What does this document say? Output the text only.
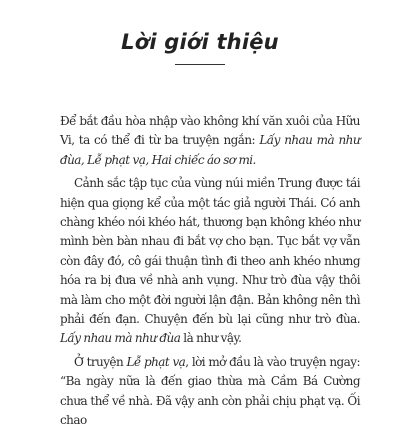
Lời giới thiệu

Để bắt đầu hòa nhập vào không khí văn xuôi của Hữu Vi, ta có thể đi từ ba truyện ngắn: Lấy nhau mà như đùa, Lễ phạt vạ, Hai chiếc áo sơ mi.

Cảnh sắc tập tục của vùng núi miền Trung được tái hiện qua giọng kể của một tác giả người Thái. Có anh chàng khéo nói khéo hát, thương bạn không khéo như mình bèn bàn nhau đi bắt vợ cho bạn. Tục bắt vợ vẫn còn đây đó, cô gái thuận tình đi theo anh khéo nhưng hóa ra bị đưa về nhà anh vụng. Như trò đùa vậy thôi mà làm cho một đời người lận đận. Bản không nên thì phải đến đạn. Chuyện đến bù lại cũng như trò đùa. Lấy nhau mà như đùa là như vậy.

Ở truyện Lễ phạt vạ, lời mở đầu là vào truyện ngay: “Ba ngày nữa là đến giao thừa mà Cầm Bá Cường chưa thể về nhà. Đã vậy anh còn phải chịu phạt vạ. Ối chao
